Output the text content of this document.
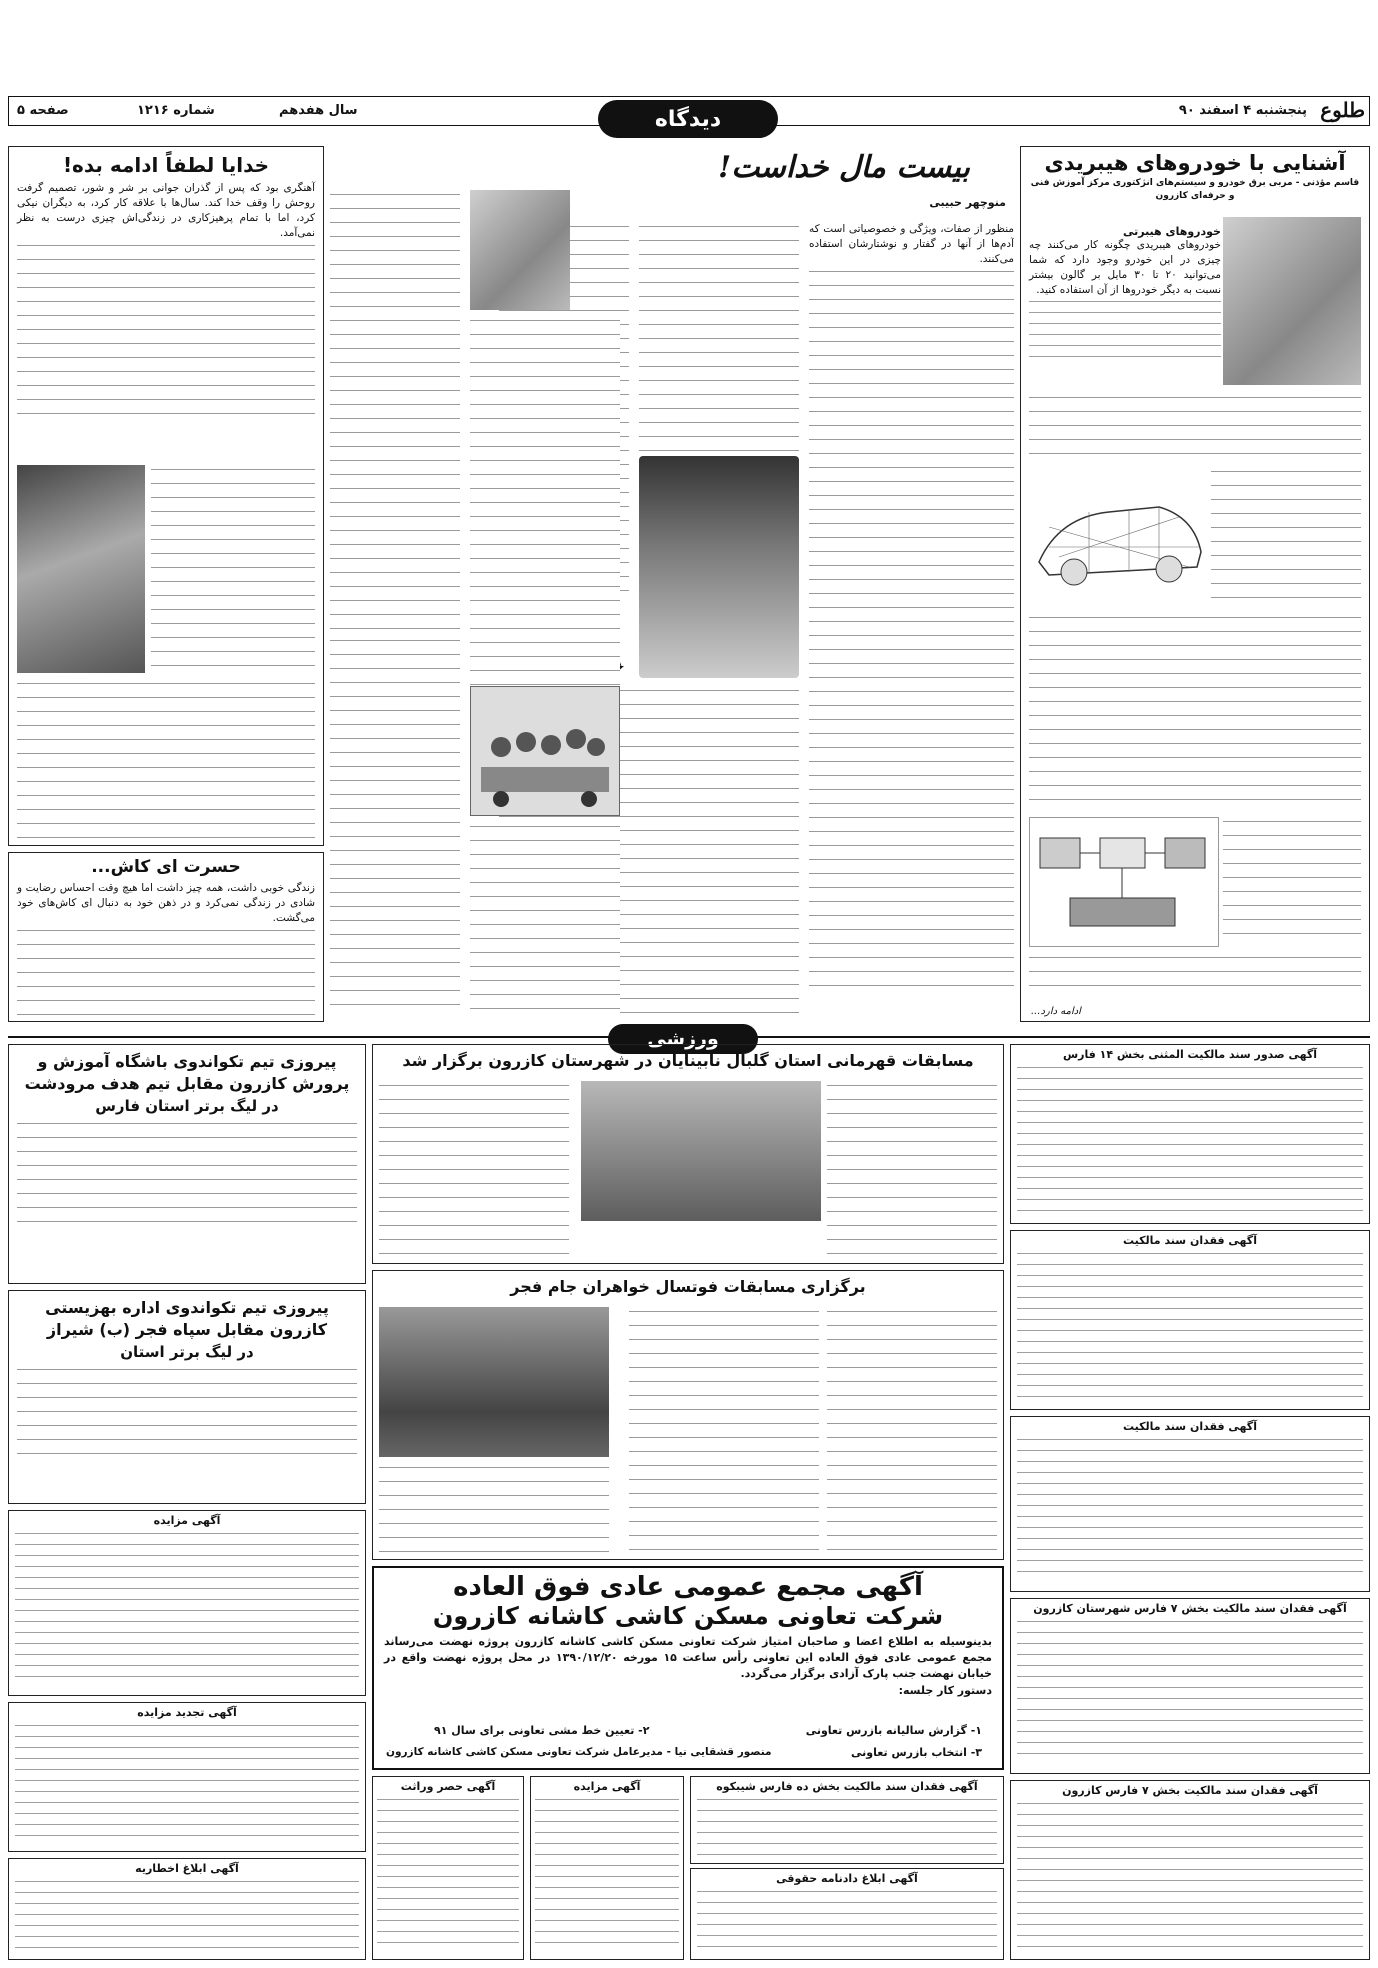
طلوع
پنجشنبه ۴ اسفند ۹۰
سال هفدهم
شماره ۱۲۱۶
صفحه ۵	دیدگاه
آشنایی با خودروهای هیبریدی
قاسم مؤذنی - مربی برق خودرو و سیستم‌های انژکتوری مرکز آموزش فنی و حرفه‌ای کازرون
خودروهای هیبرتی
خودروهای هیبریدی چگونه کار می‌کنند چه چیزی در این خودرو وجود دارد که شما می‌توانید ۲۰ تا ۳۰ مایل بر گالون بیشتر نسبت به دیگر خودروها از آن استفاده کنید.
ادامه دارد...
بیست مال خداست!
منوچهر حبیبی
منظور از صفات، ویژگی و خصوصیاتی است که آدم‌ها از آنها در گفتار و نوشتارشان استفاده می‌کنند.
خدایا لطفاً ادامه بده!
آهنگری بود که پس از گذران جوانی بر شر و شور، تصمیم گرفت روحش را وقف خدا کند. سال‌ها با علاقه کار کرد، به دیگران نیکی کرد، اما با تمام پرهیزکاری در زندگی‌اش چیزی درست به نظر نمی‌آمد.
حسرت ای کاش...
زندگی خوبی داشت، همه چیز داشت اما هیچ وقت احساس رضایت و شادی در زندگی نمی‌کرد و در ذهن خود به دنبال ای کاش‌های خود می‌گشت.
ورزشی
آگهی صدور سند مالکیت المثنی بخش ۱۴ فارس
آگهی فقدان سند مالکیت
آگهی فقدان سند مالکیت
آگهی فقدان سند مالکیت بخش ۷ فارس شهرستان کازرون
آگهی فقدان سند مالکیت بخش ۷ فارس کازرون
مسابقات قهرمانی استان گلبال نابینایان در شهرستان کازرون برگزار شد
برگزاری مسابقات فوتسال خواهران جام فجر
پیروزی تیم تکواندوی باشگاه آموزش و پرورش کازرون مقابل تیم هدف مرودشت
در لیگ برتر استان فارس
پیروزی تیم تکواندوی اداره بهزیستی کازرون مقابل سپاه فجر (ب) شیراز
در لیگ برتر استان
آگهی مجمع عمومی عادی فوق العاده
شرکت تعاونی مسکن کاشی کاشانه کازرون
بدینوسیله به اطلاع اعضا و صاحبان امتیاز شرکت تعاونی مسکن کاشی کاشانه کازرون پروژه نهضت می‌رساند مجمع عمومی عادی فوق العاده این تعاونی رأس ساعت ۱۵ مورخه ۱۳۹۰/۱۲/۲۰ در محل پروژه نهضت واقع در خیابان نهضت جنب پارک آزادی برگزار می‌گردد.
دستور کار جلسه:
۱- گزارش سالیانه بازرس تعاونی
۲- تعیین خط مشی تعاونی برای سال ۹۱
۳- انتخاب بازرس تعاونی
منصور قشقایی نیا - مدیرعامل شرکت تعاونی مسکن کاشی کاشانه کازرون
آگهی مزایده
آگهی تجدید مزایده
آگهی ابلاغ اخطاریه
آگهی فقدان سند مالکیت بخش ده فارس شیبکوه
آگهی ابلاغ دادنامه حقوقی
آگهی مزایده
آگهی حصر وراثت
